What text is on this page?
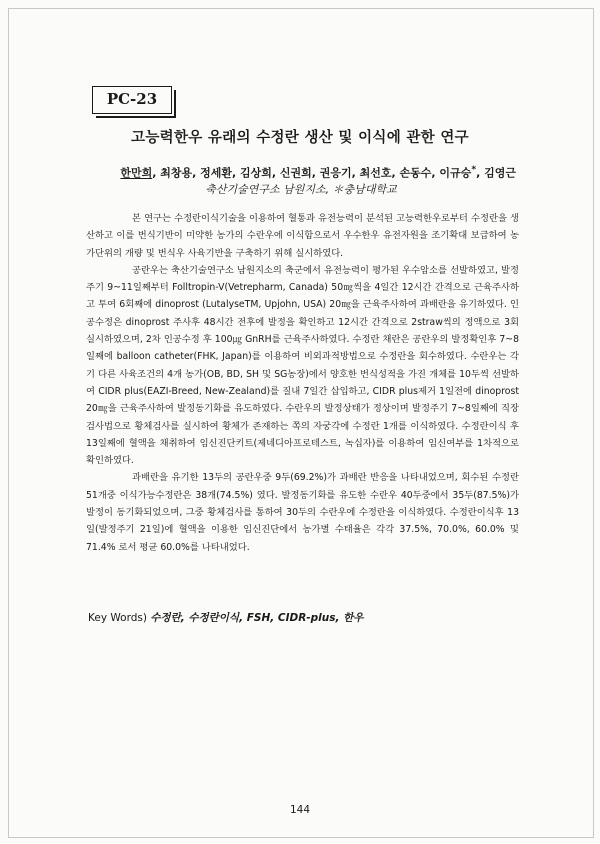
PC-23
고능력한우 유래의 수정란 생산 및 이식에 관한 연구
한만희, 최창용, 정세환, 김상희, 신권희, 권응기, 최선호, 손동수, 이규승*, 김영근
축산기술연구소 남원지소, ＊충남대학교

본 연구는 수정란이식기술을 이용하여 혈통과 유전능력이 분석된 고능력한우로부터 수정란을 생산하고 이를 번식기반이 미약한 농가의 수란우에 이식함으로서 우수한우 유전자원을 조기확대 보급하여 농가단위의 개량 및 번식우 사육기반을 구축하기 위해 실시하였다.

공란우는 축산기술연구소 남원지소의 축군에서 유전능력이 평가된 우수암소를 선발하였고, 발정주기 9~11일째부터 Folltropin-V(Vetrepharm, Canada) 50㎎씩을 4일간 12시간 간격으로 근육주사하고 투여 6회째에 dinoprost (LutalyseTM, Upjohn, USA) 20㎎을 근육주사하여 과배란을 유기하였다. 인공수정은 dinoprost 주사후 48시간 전후에 발정을 확인하고 12시간 간격으로 2straw씩의 정액으로 3회 실시하였으며, 2차 인공수정 후 100㎍ GnRH를 근육주사하였다. 수정란 채란은 공란우의 발정확인후 7~8일째에 balloon catheter(FHK, Japan)를 이용하여 비외과적방법으로 수정란을 회수하였다. 수란우는 각기 다른 사육조건의 4개 농가(OB, BD, SH 및 SG농장)에서 양호한 번식성적을 가진 개체를 10두씩 선발하여 CIDR plus(EAZI-Breed, New-Zealand)를 질내 7일간 삽입하고, CIDR plus제거 1일전에 dinoprost 20㎎을 근육주사하여 발정동기화를 유도하였다. 수란우의 발정상태가 정상이며 발정주기 7~8일째에 직장검사법으로 황체검사를 실시하여 황체가 존재하는 쪽의 자궁각에 수정란 1개를 이식하였다. 수정란이식 후 13일째에 혈액을 채취하여 임신진단키트(제네디아프로테스트, 녹십자)를 이용하여 임신여부를 1차적으로 확인하였다.

과배란을 유기한 13두의 공란우중 9두(69.2%)가 과배란 반응을 나타내었으며, 회수된 수정란 51개중 이식가능수정란은 38개(74.5%) 였다. 발정동기화를 유도한 수란우 40두중에서 35두(87.5%)가 발정이 동기화되었으며, 그중 황체검사를 통하여 30두의 수란우에 수정란을 이식하였다. 수정란이식후 13일(발정주기 21일)에 혈액을 이용한 임신진단에서 농가별 수태율은 각각 37.5%, 70.0%, 60.0% 및 71.4% 로서 평균 60.0%를 나타내었다.

Key Words) 수정란, 수정란이식, FSH, CIDR-plus, 한우
144
